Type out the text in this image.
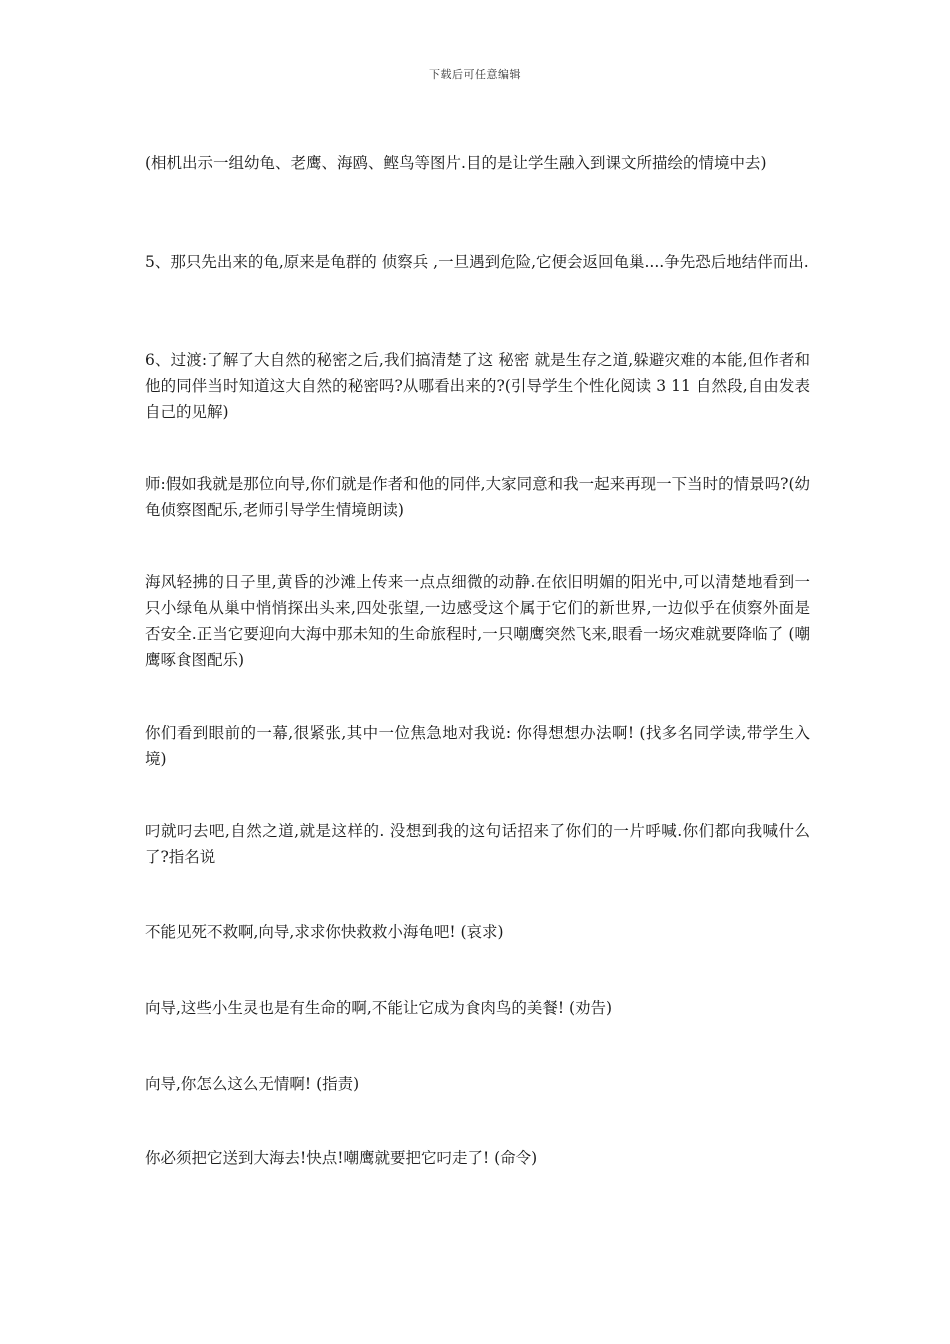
下载后可任意编辑
(相机出示一组幼龟、老鹰、海鸥、鲣鸟等图片.目的是让学生融入到课文所描绘的情境中去)
5、那只先出来的龟,原来是龟群的 侦察兵 ,一旦遇到危险,它便会返回龟巢....争先恐后地结伴而出.
6、过渡:了解了大自然的秘密之后,我们搞清楚了这 秘密 就是生存之道,躲避灾难的本能,但作者和他的同伴当时知道这大自然的秘密吗?从哪看出来的?(引导学生个性化阅读 3 11 自然段,自由发表自己的见解)
师:假如我就是那位向导,你们就是作者和他的同伴,大家同意和我一起来再现一下当时的情景吗?(幼龟侦察图配乐,老师引导学生情境朗读)
海风轻拂的日子里,黄昏的沙滩上传来一点点细微的动静.在依旧明媚的阳光中,可以清楚地看到一只小绿龟从巢中悄悄探出头来,四处张望,一边感受这个属于它们的新世界,一边似乎在侦察外面是否安全.正当它要迎向大海中那未知的生命旅程时,一只嘲鹰突然飞来,眼看一场灾难就要降临了 (嘲鹰啄食图配乐)
你们看到眼前的一幕,很紧张,其中一位焦急地对我说: 你得想想办法啊! (找多名同学读,带学生入境)
叼就叼去吧,自然之道,就是这样的. 没想到我的这句话招来了你们的一片呼喊.你们都向我喊什么了?指名说
不能见死不救啊,向导,求求你快救救小海龟吧! (哀求)
向导,这些小生灵也是有生命的啊,不能让它成为食肉鸟的美餐! (劝告)
向导,你怎么这么无情啊! (指责)
你必须把它送到大海去!快点!嘲鹰就要把它叼走了! (命令)
